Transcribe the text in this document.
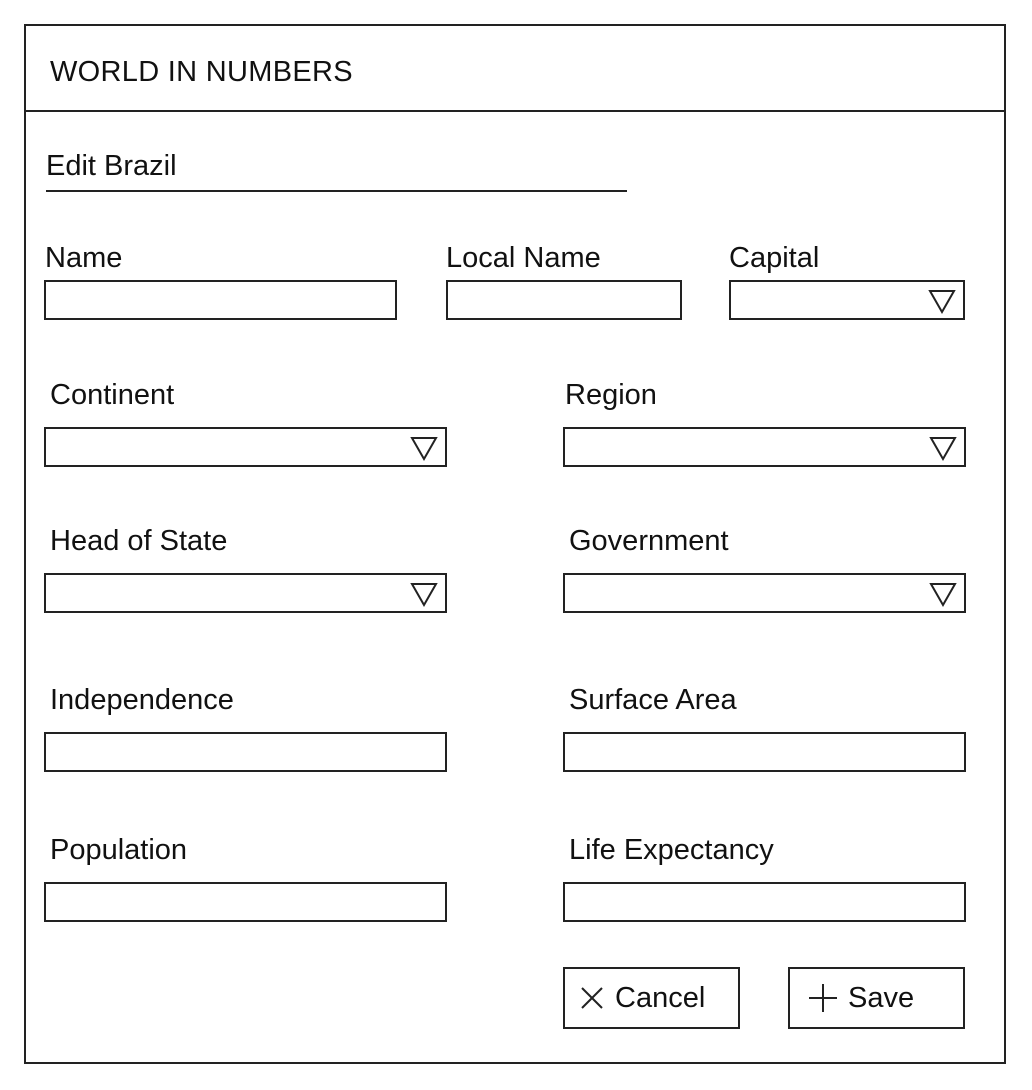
WORLD IN NUMBERS
Edit Brazil
Name	Local Name	Capital
Continent	Region
Head of State	Government
Independence	Surface Area
Population	Life Expectancy
Cancel	Save
